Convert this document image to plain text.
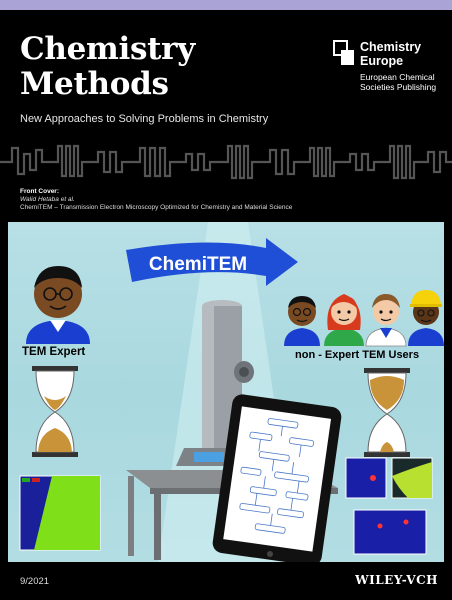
Chemistry
Methods
New Approaches to Solving Problems in Chemistry
Chemistry
Europe
European Chemical
Societies Publishing
Front Cover:
Walid Hetaba et al.
ChemiTEM – Transmission Electron Microscopy Optimized for Chemistry and Material Science
ChemiTEM
TEM Expert	non - Expert TEM Users
9/2021	WILEY-VCH
